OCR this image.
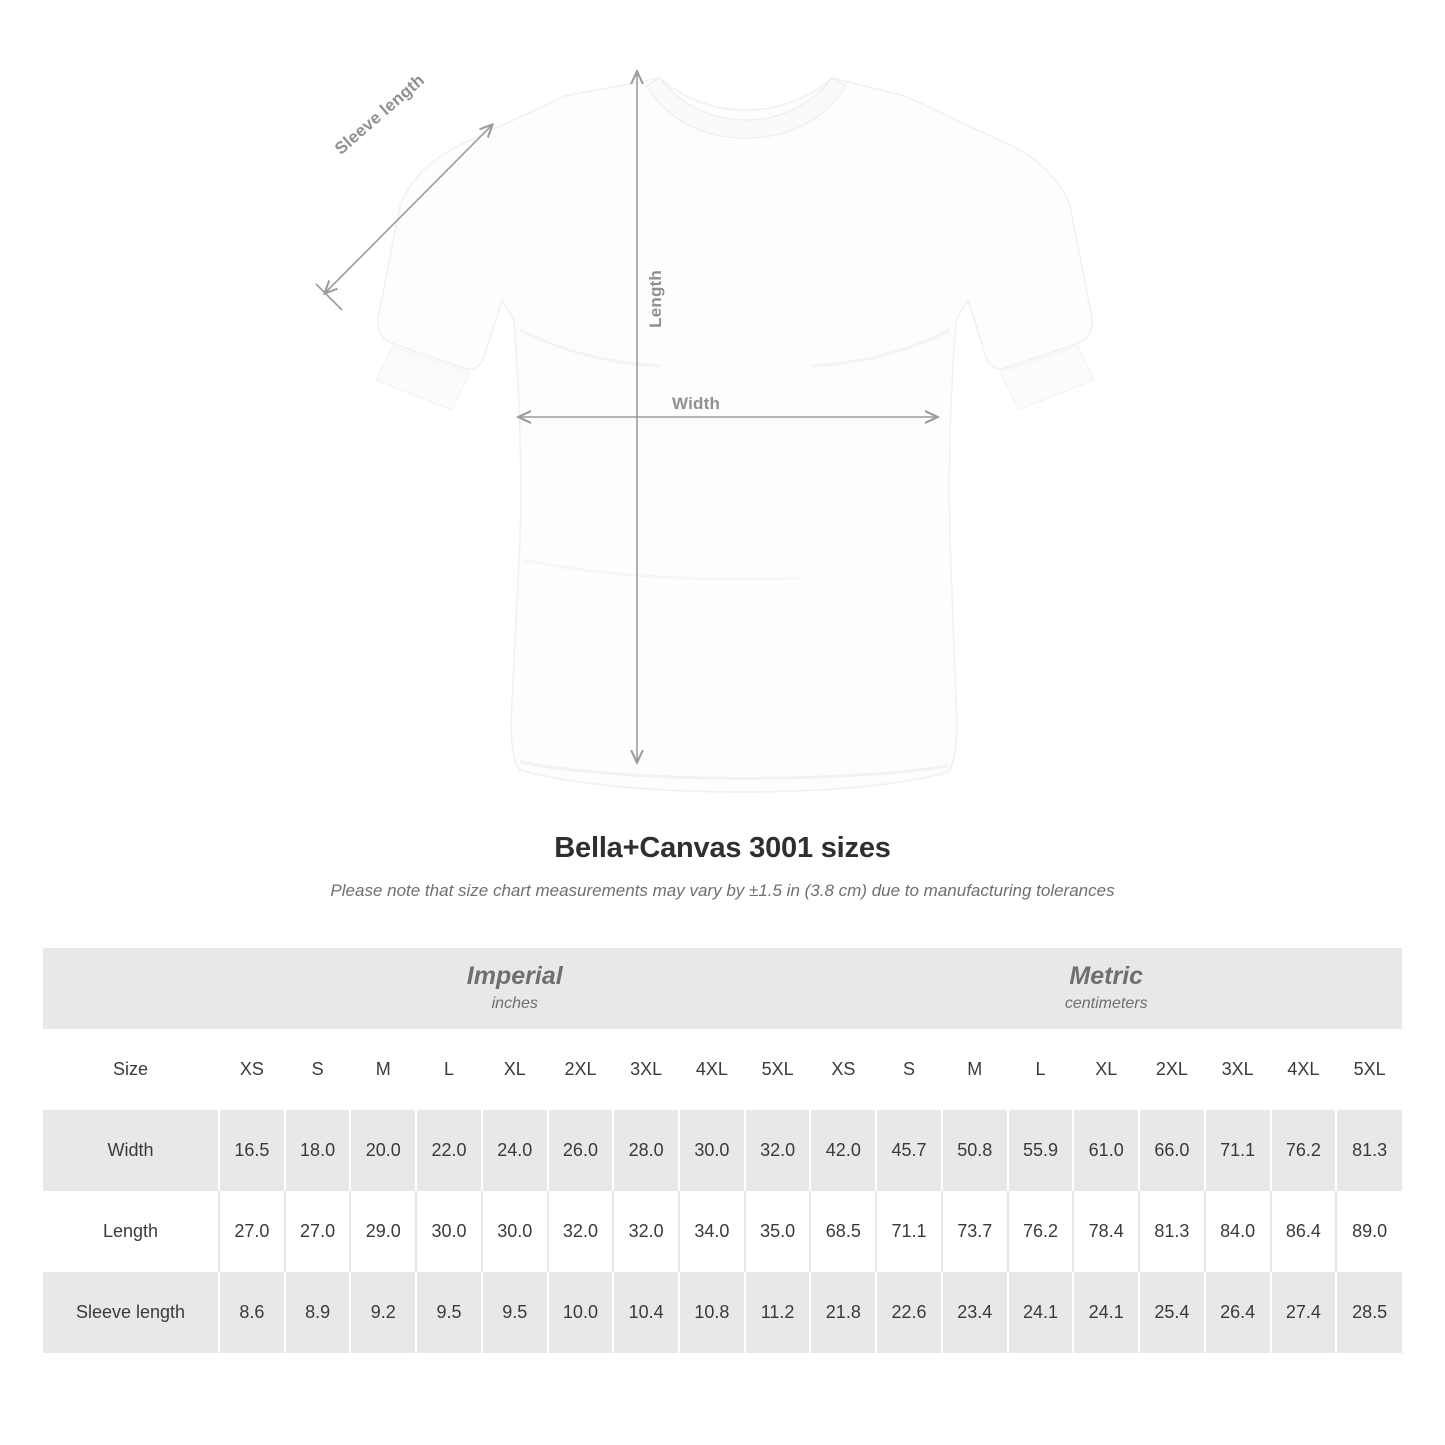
Length
Width
Sleeve length
Bella+Canvas 3001 sizes
Please note that size chart measurements may vary by ±1.5 in (3.8 cm) due to manufacturing tolerances

Imperial
inches

Metric
centimeters

Size	XS	S	M	L	XL	2XL	3XL	4XL	5XL	XS	S	M	L	XL	2XL	3XL	4XL	5XL
Width	16.5	18.0	20.0	22.0	24.0	26.0	28.0	30.0	32.0	42.0	45.7	50.8	55.9	61.0	66.0	71.1	76.2	81.3
Length	27.0	27.0	29.0	30.0	30.0	32.0	32.0	34.0	35.0	68.5	71.1	73.7	76.2	78.4	81.3	84.0	86.4	89.0
Sleeve length	8.6	8.9	9.2	9.5	9.5	10.0	10.4	10.8	11.2	21.8	22.6	23.4	24.1	24.1	25.4	26.4	27.4	28.5
